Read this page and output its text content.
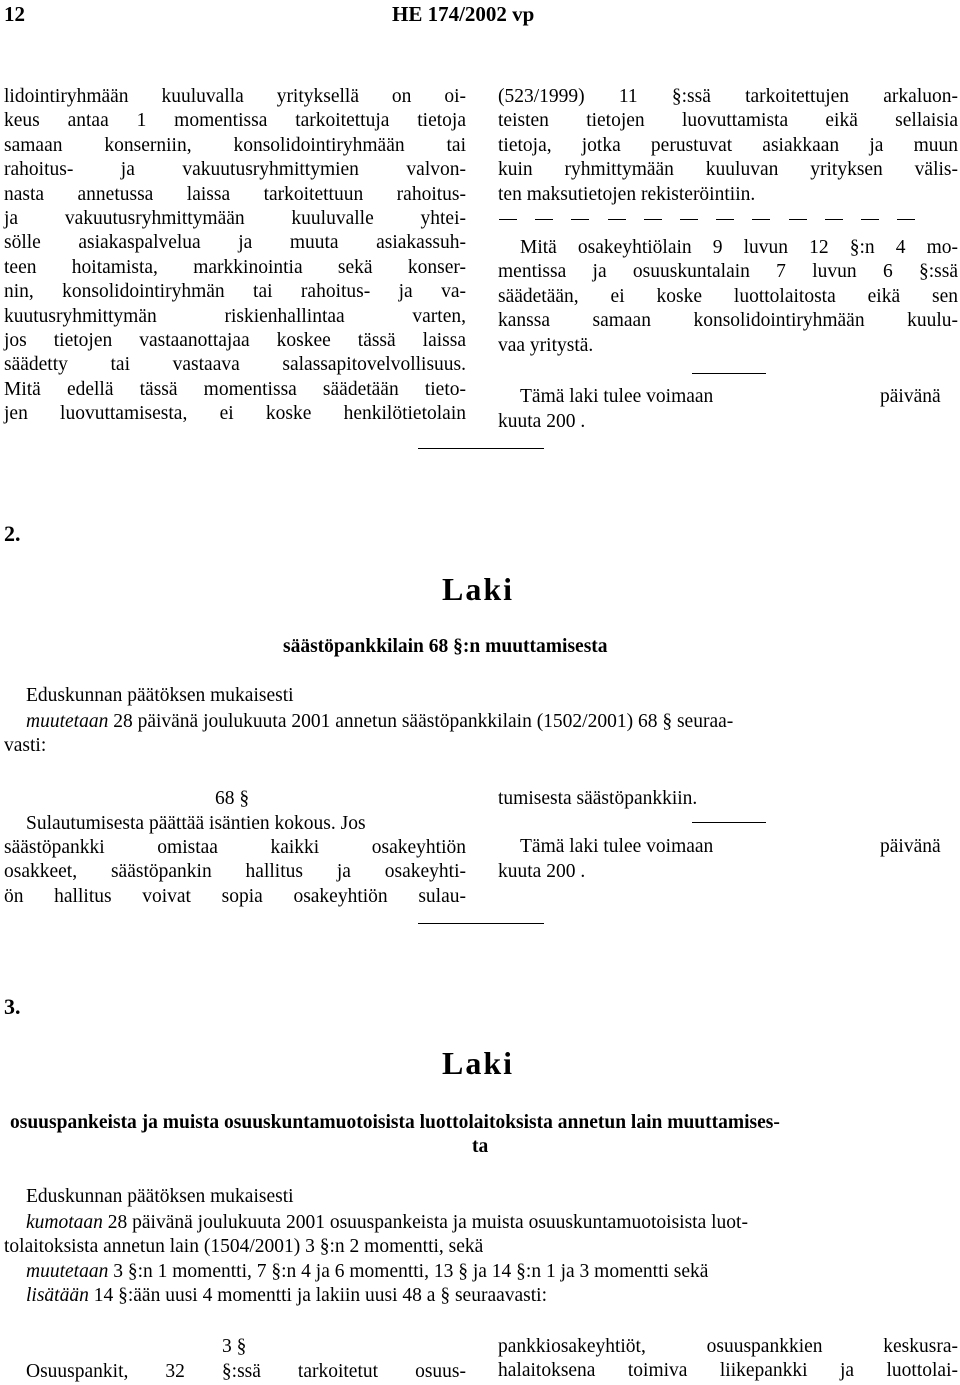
12	HE 174/2002 vp
lidointiryhmään kuuluvalla yrityksellä on oi-
keus antaa 1 momentissa tarkoitettuja tietoja
samaan konserniin, konsolidointiryhmään tai
rahoitus- ja vakuutusryhmittymien valvon-
nasta annetussa laissa tarkoitettuun rahoitus-
ja vakuutusryhmittymään kuuluvalle yhtei-
sölle asiakaspalvelua ja muuta asiakassuh-
teen hoitamista, markkinointia sekä konser-
nin, konsolidointiryhmän tai rahoitus- ja va-
kuutusryhmittymän riskienhallintaa varten,
jos tietojen vastaanottajaa koskee tässä laissa
säädetty tai vastaava salassapitovelvollisuus.
Mitä edellä tässä momentissa säädetään tieto-
jen luovuttamisesta, ei koske henkilötietolain
(523/1999) 11 §:ssä tarkoitettujen arkaluon-
teisten tietojen luovuttamista eikä sellaisia
tietoja, jotka perustuvat asiakkaan ja muun
kuin ryhmittymään kuuluvan yrityksen välis-
ten maksutietojen rekisteröintiin.
Mitä osakeyhtiölain 9 luvun 12 §:n 4 mo-
mentissa ja osuuskuntalain 7 luvun 6 §:ssä
säädetään, ei koske luottolaitosta eikä sen
kanssa samaan konsolidointiryhmään kuulu-
vaa yritystä.
Tämä laki tulee voimaan	päivänä
kuuta 200 .
2.
Laki
säästöpankkilain 68 §:n muuttamisesta
Eduskunnan päätöksen mukaisesti
muutetaan 28 päivänä joulukuuta 2001 annetun säästöpankkilain (1502/2001) 68 § seuraa-
vasti:
68 §
Sulautumisesta päättää isäntien kokous. Jos
säästöpankki omistaa kaikki osakeyhtiön
osakkeet, säästöpankin hallitus ja osakeyhti-
ön hallitus voivat sopia osakeyhtiön sulau-
tumisesta säästöpankkiin.
Tämä laki tulee voimaan	päivänä
kuuta 200 .
3.
Laki
osuuspankeista ja muista osuuskuntamuotoisista luottolaitoksista annetun lain muuttamises-
ta
Eduskunnan päätöksen mukaisesti
kumotaan 28 päivänä joulukuuta 2001 osuuspankeista ja muista osuuskuntamuotoisista luot-
tolaitoksista annetun lain (1504/2001) 3 §:n 2 momentti, sekä
muutetaan 3 §:n 1 momentti, 7 §:n 4 ja 6 momentti, 13 § ja 14 §:n 1 ja 3 momentti sekä
lisätään 14 §:ään uusi 4 momentti ja lakiin uusi 48 a § seuraavasti:
3 §
Osuuspankit, 32 §:ssä tarkoitetut osuus-
pankkiosakeyhtiöt, osuuspankkien keskusra-
halaitoksena toimiva liikepankki ja luottolai-
